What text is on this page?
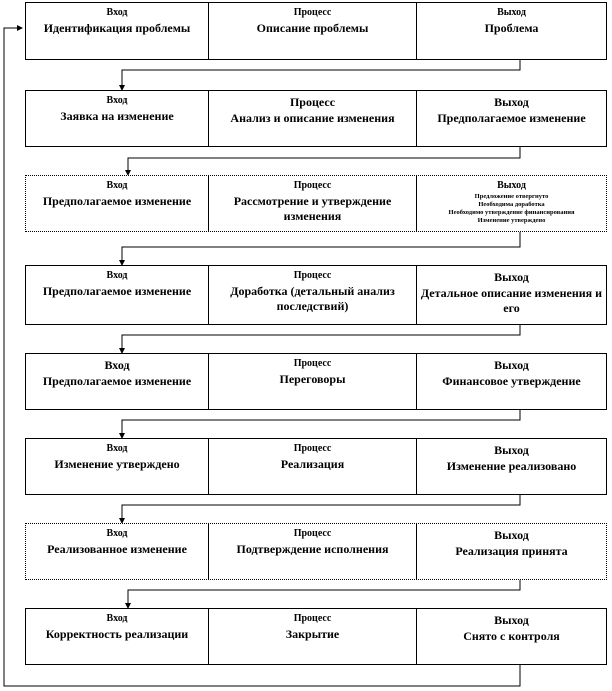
Вход
Идентификация проблемы
Процесс
Описание проблемы
Выход
Проблема
Вход
Заявка на изменение
Процесс
Анализ и описание изменения
Выход
Предполагаемое изменение
Вход
Предполагаемое изменение
Процесс
Рассмотрение и утверждение изменения
Выход
Предложение отвергнуто
Необходима доработка
Необходимо утверждение финансирования
Изменение утверждено
Вход
Предполагаемое изменение
Процесс
Доработка (детальный анализ последствий)
Выход
Детальное описание изменения и его
Вход
Предполагаемое изменение
Процесс
Переговоры
Выход
Финансовое утверждение
Вход
Изменение утверждено
Процесс
Реализация
Выход
Изменение реализовано
Вход
Реализованное изменение
Процесс
Подтверждение исполнения
Выход
Реализация принята
Вход
Корректность реализации
Процесс
Закрытие
Выход
Снято с контроля
